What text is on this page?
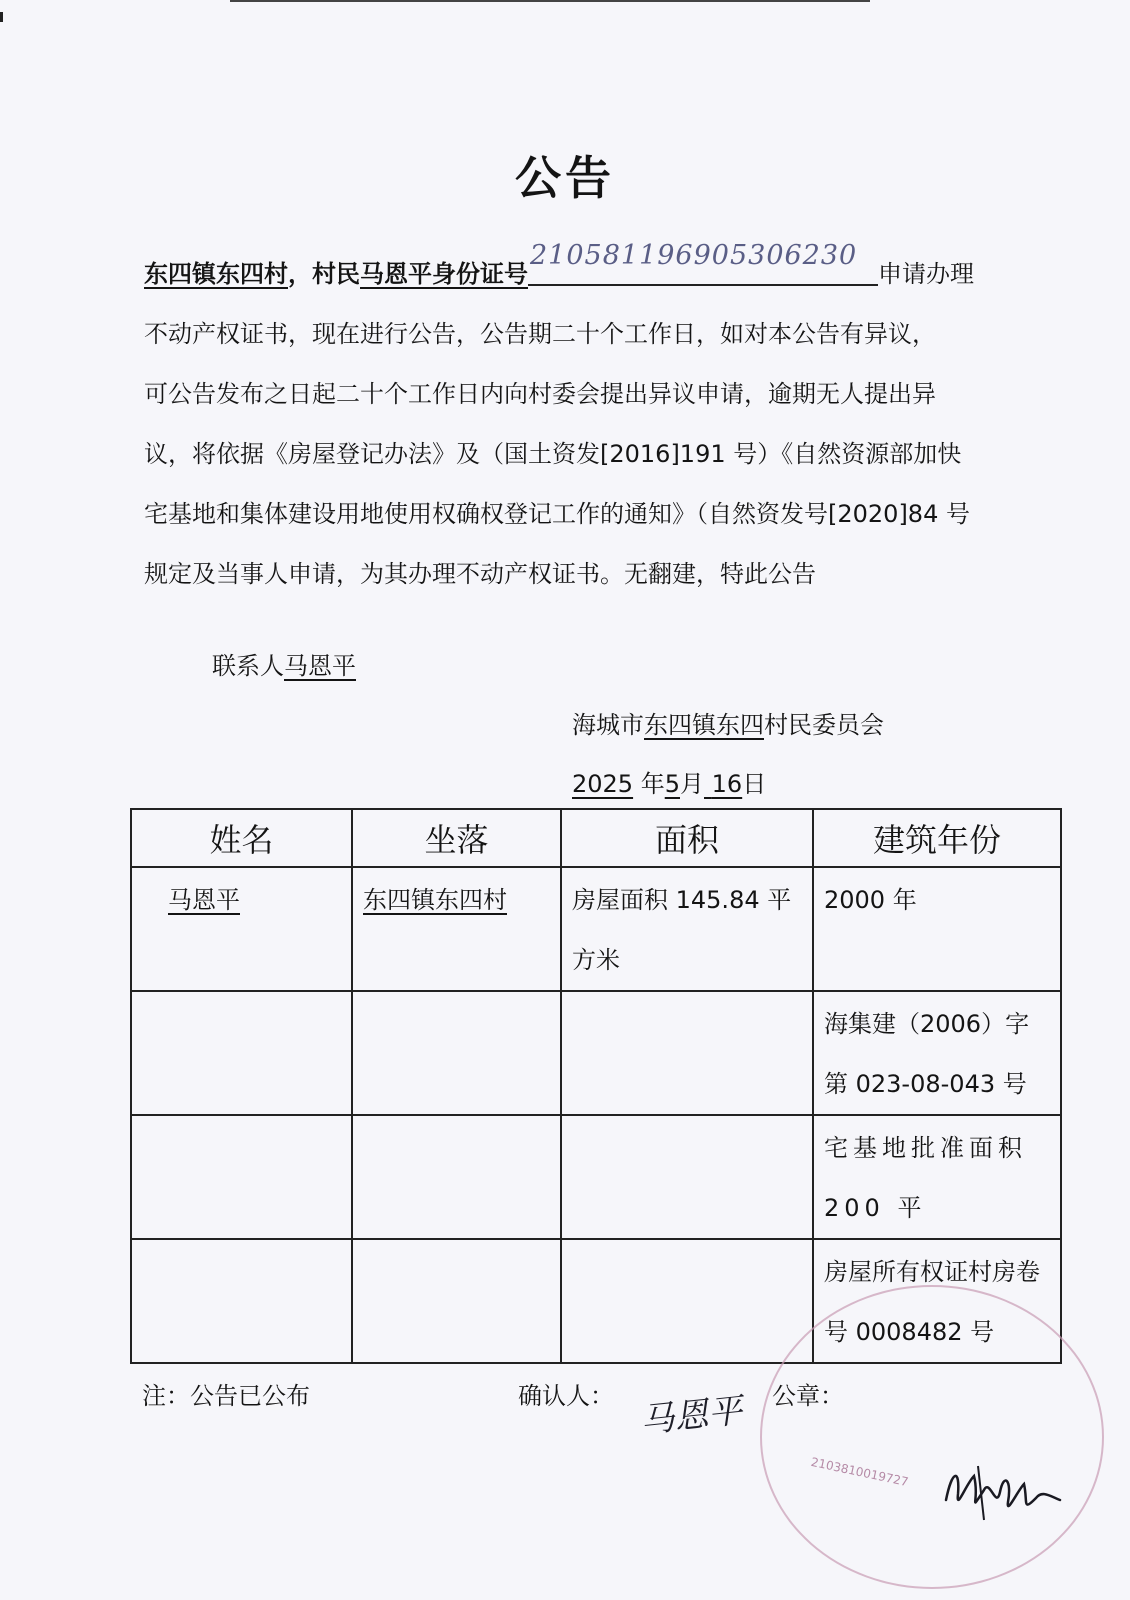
公告
东四镇东四村，村民马恩平身份证号
210581196905306230
申请办理
不动产权证书，现在进行公告，公告期二十个工作日，如对本公告有异议，
可公告发布之日起二十个工作日内向村委会提出异议申请，逾期无人提出异
议，将依据《房屋登记办法》及（国土资发[2016]191 号）《自然资源部加快
宅基地和集体建设用地使用权确权登记工作的通知》（自然资发号[2020]84 号
规定及当事人申请，为其办理不动产权证书。无翻建，特此公告
联系人马恩平
海城市东四镇东四村民委员会
2025 年5月 16日
姓名	坐落	面积	建筑年份

马恩平	东四镇东四村	房屋面积 145.84 平方米	2000 年

			海集建（2006）字第 023-08-043 号

			宅基地批准面积 200 平

			房屋所有权证村房卷号 0008482 号
2103810019727
注：公告已公布	确认人： 马恩平 公章：
